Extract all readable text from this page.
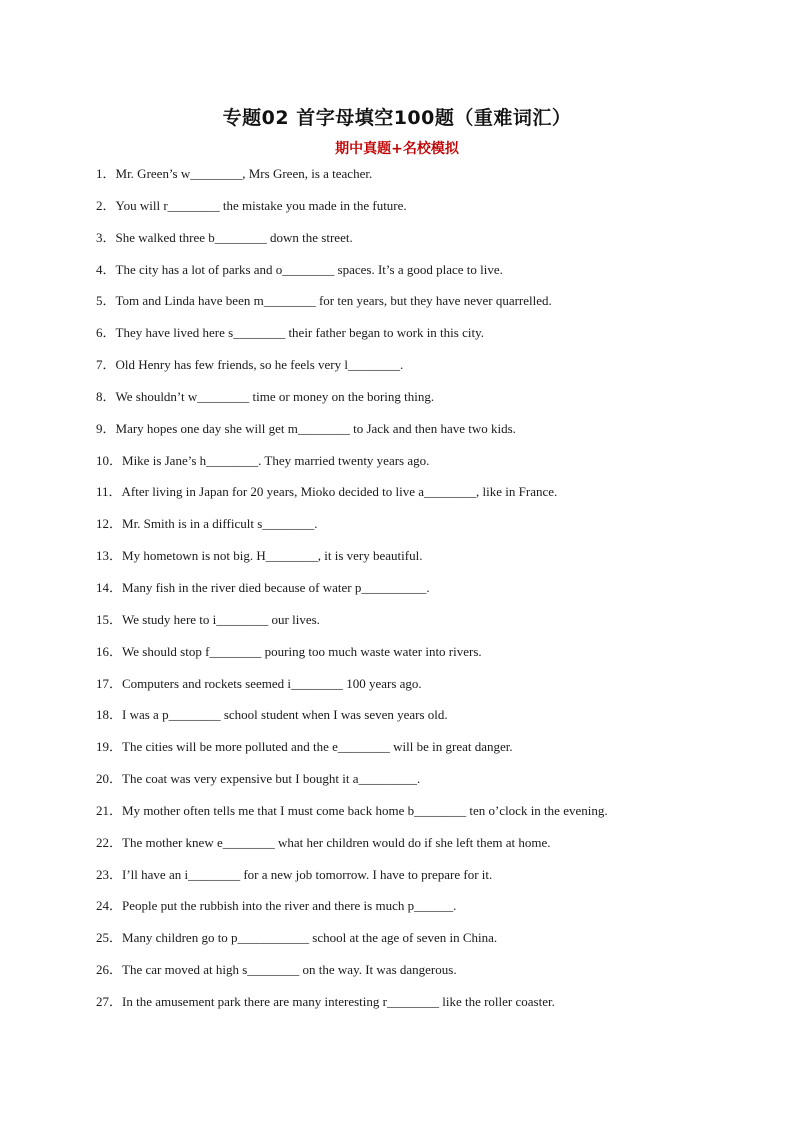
专题02 首字母填空100题（重难词汇）
期中真题+名校模拟
1．Mr. Green’s w________, Mrs Green, is a teacher.
2．You will r________ the mistake you made in the future.
3．She walked three b________ down the street.
4．The city has a lot of parks and o________ spaces. It’s a good place to live.
5．Tom and Linda have been m________ for ten years, but they have never quarrelled.
6．They have lived here s________ their father began to work in this city.
7．Old Henry has few friends, so he feels very l________.
8．We shouldn’t w________ time or money on the boring thing.
9．Mary hopes one day she will get m________ to Jack and then have two kids.
10．Mike is Jane’s h________. They married twenty years ago.
11．After living in Japan for 20 years, Mioko decided to live a________, like in France.
12．Mr. Smith is in a difficult s________.
13．My hometown is not big. H________, it is very beautiful.
14．Many fish in the river died because of water p__________.
15．We study here to i________ our lives.
16．We should stop f________ pouring too much waste water into rivers.
17．Computers and rockets seemed i________ 100 years ago.
18．I was a p________ school student when I was seven years old.
19．The cities will be more polluted and the e________ will be in great danger.
20．The coat was very expensive but I bought it a_________.
21．My mother often tells me that I must come back home b________ ten o’clock in the evening.
22．The mother knew e________ what her children would do if she left them at home.
23．I’ll have an i________ for a new job tomorrow. I have to prepare for it.
24．People put the rubbish into the river and there is much p______.
25．Many children go to p___________ school at the age of seven in China.
26．The car moved at high s________ on the way. It was dangerous.
27．In the amusement park there are many interesting r________ like the roller coaster.
